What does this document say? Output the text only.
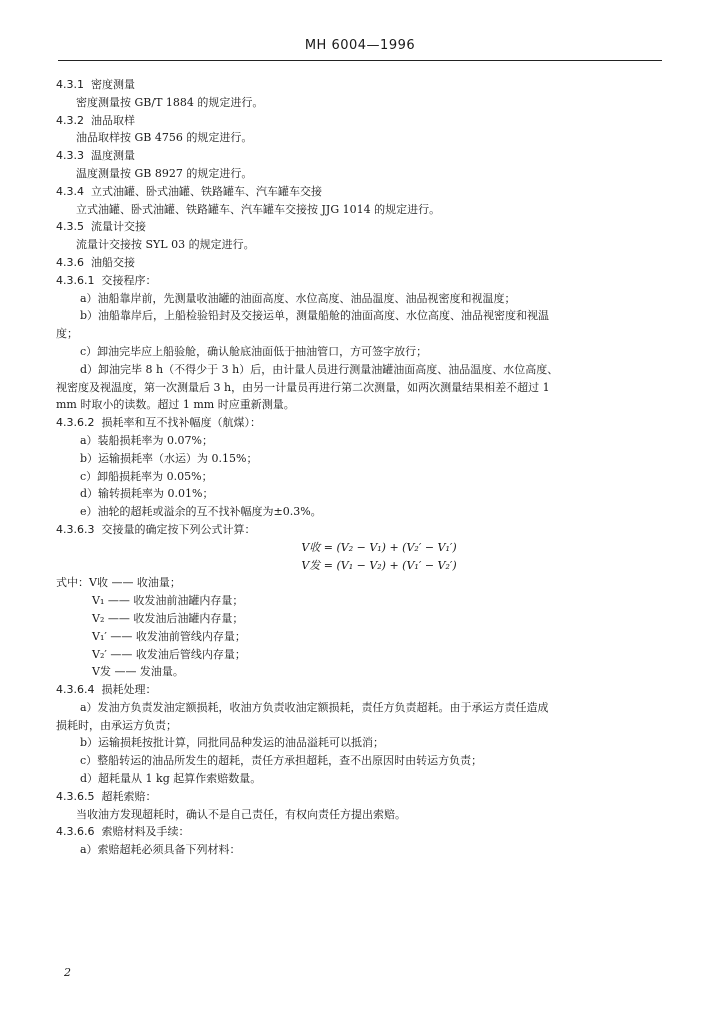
MH 6004—1996
4.3.1 密度测量
密度测量按 GB/T 1884 的规定进行。
4.3.2 油品取样
油品取样按 GB 4756 的规定进行。
4.3.3 温度测量
温度测量按 GB 8927 的规定进行。
4.3.4 立式油罐、卧式油罐、铁路罐车、汽车罐车交接
立式油罐、卧式油罐、铁路罐车、汽车罐车交接按 JJG 1014 的规定进行。
4.3.5 流量计交接
流量计交接按 SYL 03 的规定进行。
4.3.6 油船交接
4.3.6.1 交接程序：
a）油船靠岸前，先测量收油罐的油面高度、水位高度、油品温度、油品视密度和视温度；
b）油船靠岸后，上船检验铅封及交接运单，测量船舱的油面高度、水位高度、油品视密度和视温
度；
c）卸油完毕应上船验舱，确认舱底油面低于抽油管口，方可签字放行；
d）卸油完毕 8 h（不得少于 3 h）后，由计量人员进行测量油罐油面高度、油品温度、水位高度、
视密度及视温度，第一次测量后 3 h，由另一计量员再进行第二次测量，如两次测量结果相差不超过 1
mm 时取小的读数。超过 1 mm 时应重新测量。
4.3.6.2 损耗率和互不找补幅度（航煤）：
a）装船损耗率为 0.07%；
b）运输损耗率（水运）为 0.15%；
c）卸船损耗率为 0.05%；
d）输转损耗率为 0.01%；
e）油轮的超耗或溢余的互不找补幅度为±0.3%。
4.3.6.3 交接量的确定按下列公式计算：
V收 = (V₂ − V₁) + (V₂′ − V₁′)
V发 = (V₁ − V₂) + (V₁′ − V₂′)
式中：V收 —— 收油量；
V₁ —— 收发油前油罐内存量；
V₂ —— 收发油后油罐内存量；
V₁′ —— 收发油前管线内存量；
V₂′ —— 收发油后管线内存量；
V发 —— 发油量。
4.3.6.4 损耗处理：
a）发油方负责发油定额损耗，收油方负责收油定额损耗，责任方负责超耗。由于承运方责任造成
损耗时，由承运方负责；
b）运输损耗按批计算，同批同品种发运的油品溢耗可以抵消；
c）整船转运的油品所发生的超耗，责任方承担超耗，查不出原因时由转运方负责；
d）超耗量从 1 kg 起算作索赔数量。
4.3.6.5 超耗索赔：
当收油方发现超耗时，确认不是自己责任，有权向责任方提出索赔。
4.3.6.6 索赔材料及手续：
a）索赔超耗必须具备下列材料：
2
